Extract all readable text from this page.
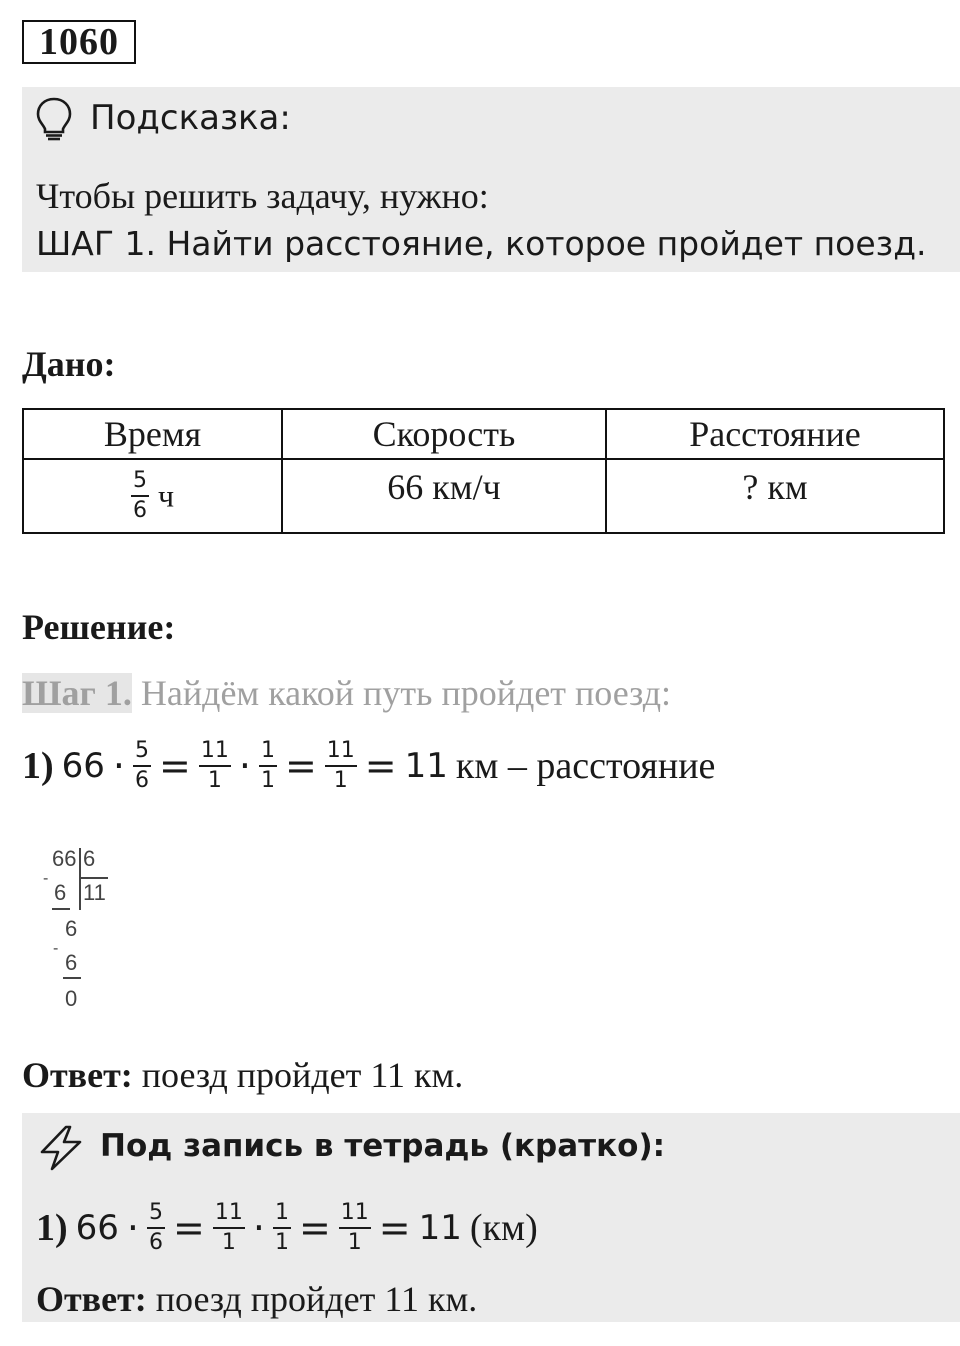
1060
Подсказка:
Чтобы решить задачу, нужно:
ШАГ 1. Найти расстояние, которое пройдет поезд.
Дано:
Время	Скорость	Расстояние

$\frac{5}{6}$ ч	66 км/ч	? км
Решение:
Шаг 1. Найдём какой путь пройдет поезд:
1) $66 \cdot \frac{5}{6} = \frac{11}{1} \cdot \frac{1}{1} = \frac{11}{1} = 11$ км – расстояние
66 6
-
6 11
6
-
6
0
Ответ: поезд пройдет 11 км.
Под запись в тетрадь (кратко):
1) $66 \cdot \frac{5}{6} = \frac{11}{1} \cdot \frac{1}{1} = \frac{11}{1} = 11$ (км)
Ответ: поезд пройдет 11 км.
